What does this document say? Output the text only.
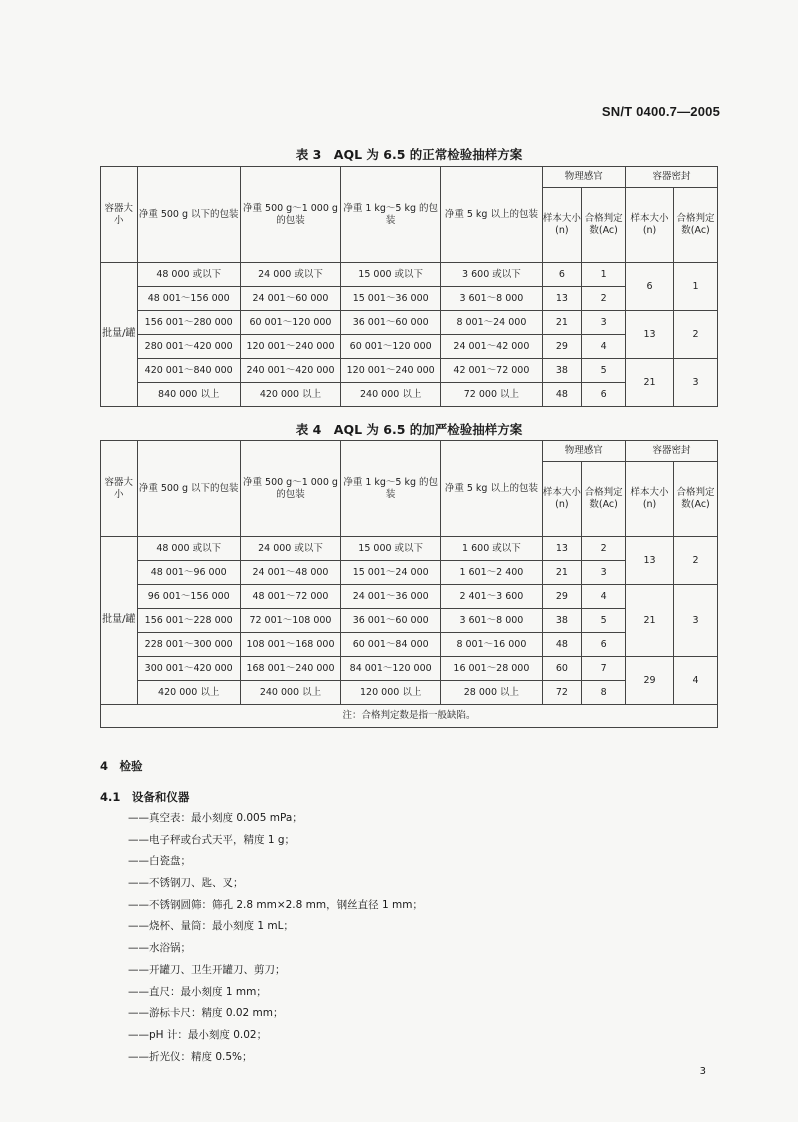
SN/T 0400.7—2005
表 3　AQL 为 6.5 的正常检验抽样方案
容器大小	净重 500 g 以下的包装	净重 500 g～1 000 g 的包装	净重 1 kg～5 kg 的包装	净重 5 kg 以上的包装	物理感官		容器密封	
					样本大小(n)	合格判定数(Ac)	样本大小(n)	合格判定数(Ac)
批量/罐	48 000 或以下	24 000 或以下	15 000 或以下	3 600 或以下	6	1	6	1
	48 001～156 000	24 001～60 000	15 001～36 000	3 601～8 000	13	2		
	156 001～280 000	60 001～120 000	36 001～60 000	8 001～24 000	21	3	13	2
	280 001～420 000	120 001～240 000	60 001～120 000	24 001～42 000	29	4		
	420 001～840 000	240 001～420 000	120 001～240 000	42 001～72 000	38	5	21	3
	840 000 以上	420 000 以上	240 000 以上	72 000 以上	48	6		
表 4　AQL 为 6.5 的加严检验抽样方案
容器大小	净重 500 g 以下的包装	净重 500 g～1 000 g 的包装	净重 1 kg～5 kg 的包装	净重 5 kg 以上的包装	物理感官		容器密封	
					样本大小(n)	合格判定数(Ac)	样本大小(n)	合格判定数(Ac)
批量/罐	48 000 或以下	24 000 或以下	15 000 或以下	1 600 或以下	13	2	13	2
	48 001～96 000	24 001～48 000	15 001～24 000	1 601～2 400	21	3		
	96 001～156 000	48 001～72 000	24 001～36 000	2 401～3 600	29	4	21	3
	156 001～228 000	72 001～108 000	36 001～60 000	3 601～8 000	38	5		
	228 001～300 000	108 001～168 000	60 001～84 000	8 001～16 000	48	6		
	300 001～420 000	168 001～240 000	84 001～120 000	16 001～28 000	60	7	29	4
	420 000 以上	240 000 以上	120 000 以上	28 000 以上	72	8		
注：合格判定数是指一般缺陷。								
4　检验
4.1　设备和仪器
——真空表：最小刻度 0.005 mPa；
——电子秤或台式天平，精度 1 g；
——白瓷盘；
——不锈钢刀、匙、叉；
——不锈钢圆筛：筛孔 2.8 mm×2.8 mm，钢丝直径 1 mm；
——烧杯、量筒：最小刻度 1 mL；
——水浴锅；
——开罐刀、卫生开罐刀、剪刀；
——直尺：最小刻度 1 mm；
——游标卡尺：精度 0.02 mm；
——pH 计：最小刻度 0.02；
——折光仪：精度 0.5%；
3
